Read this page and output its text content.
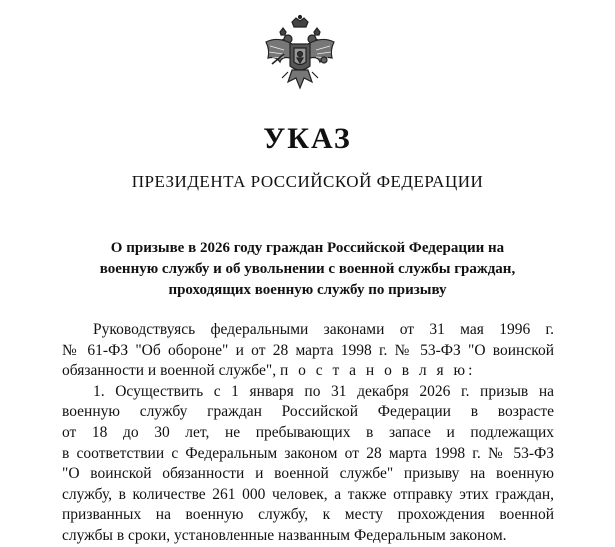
УКАЗ
ПРЕЗИДЕНТА РОССИЙСКОЙ ФЕДЕРАЦИИ
О призыве в 2026 году граждан Российской Федерации на
военную службу и об увольнении с военной службы граждан,
проходящих военную службу по призыву
Руководствуясь федеральными законами от 31 мая 1996 г.
№ 61-ФЗ "Об обороне" и от 28 марта 1998 г. № 53-ФЗ "О воинской
обязанности и военной службе", п о с т а н о в л я ю:
1. Осуществить с 1 января по 31 декабря 2026 г. призыв на
военную службу граждан Российской Федерации в возрасте
от 18 до 30 лет, не пребывающих в запасе и подлежащих
в соответствии с Федеральным законом от 28 марта 1998 г. № 53-ФЗ
"О воинской обязанности и военной службе" призыву на военную
службу, в количестве 261 000 человек, а также отправку этих граждан,
призванных на военную службу, к месту прохождения военной
службы в сроки, установленные названным Федеральным законом.
